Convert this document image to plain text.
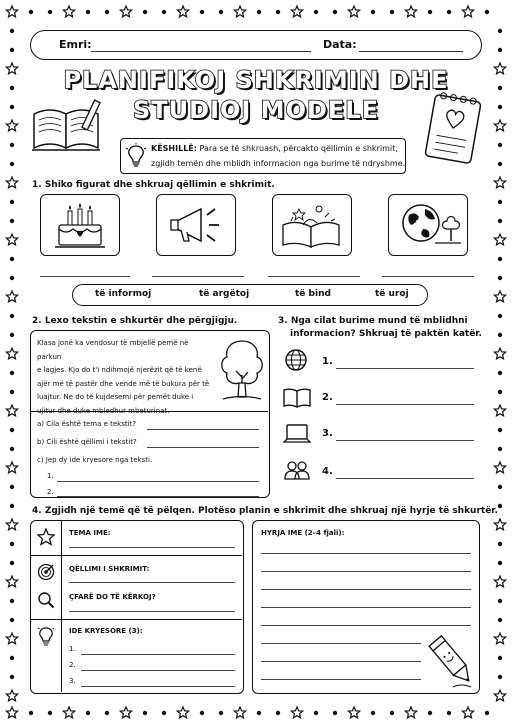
Emri:	Data:
PLANIFIKOJ SHKRIMIN DHE
STUDIOJ MODELE
KËSHILLË: Para se të shkruash, përcakto qëllimin e shkrimit,
zgjidh temën dhe mblidh informacion nga burime të ndryshme.
1. Shiko figurat dhe shkruaj qëllimin e shkrimit.
të informoj	të argëtoj	të bind	të uroj
2. Lexo tekstin e shkurtër dhe përgjigju.
Klasa jonë ka vendosur të mbjellë pemë në parkun
e lagjes. Kjo do t'i ndihmojë njerëzit që të kenë
ajër më të pastër dhe vende më të bukura për të
luajtur. Ne do të kujdesemi për pemët duke i
ujitur dhe duke mbledhur mbeturinat.
a) Cila është tema e tekstit?
b) Cili është qëllimi i tekstit?
c) Jep dy ide kryesore nga teksti.
1.
2.
3. Nga cilat burime mund të mblidhni
informacion? Shkruaj të paktën katër.
1.
2.
3.
4.
4. Zgjidh një temë që të pëlqen. Plotëso planin e shkrimit dhe shkruaj një hyrje të shkurtër.
TEMA IME:
QËLLIMI I SHKRIMIT:
ÇFARË DO TË KËRKOJ?
IDE KRYESORE (3):
1.
2.
3.
HYRJA IME (2–4 fjali):
